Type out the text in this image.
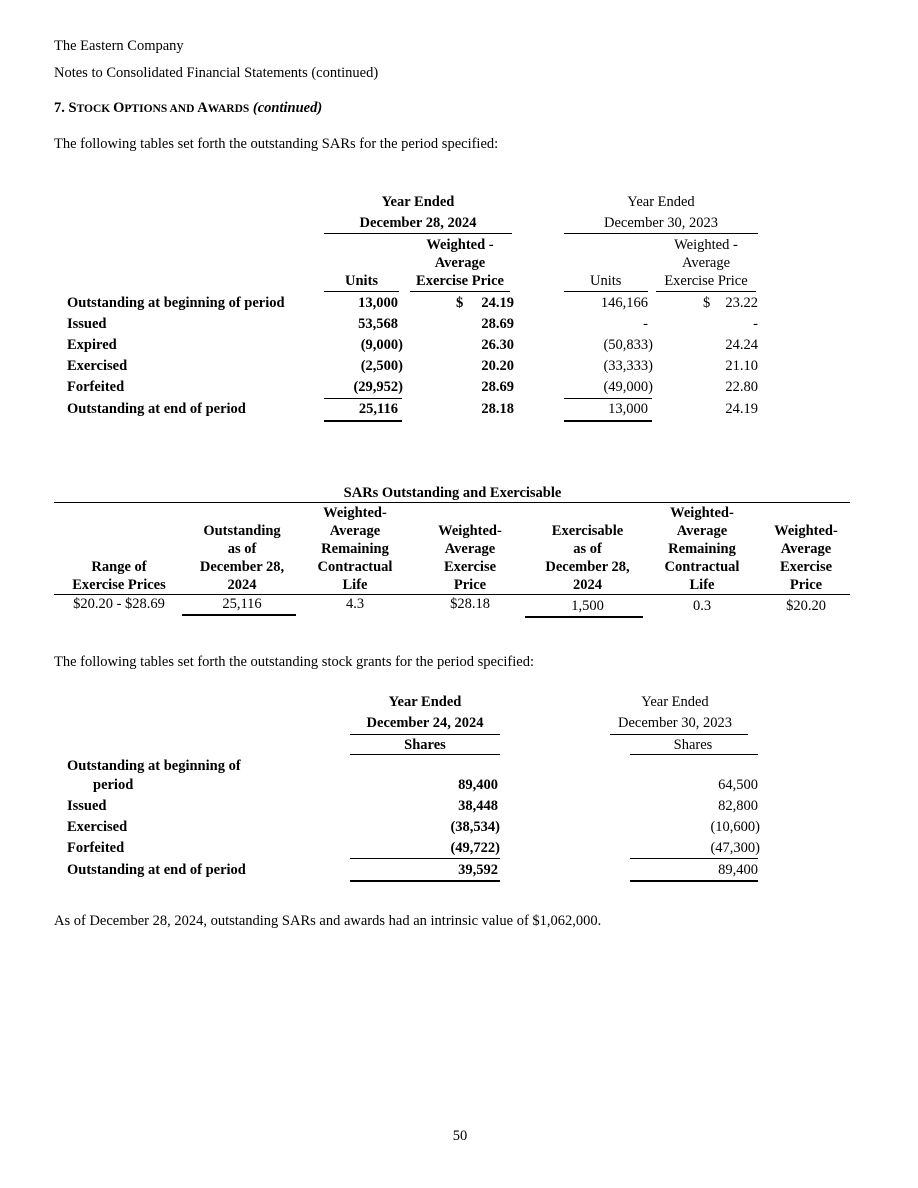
The Eastern Company
Notes to Consolidated Financial Statements (continued)
7. STOCK OPTIONS AND AWARDS (continued)
The following tables set forth the outstanding SARs for the period specified:
Year Ended
December 28, 2024
Year Ended
December 30, 2023
Weighted -
Average
Exercise Price
Units
Weighted -
Average
Exercise Price
Units
Outstanding at beginning of period	13,000	$	24.19	146,166	$	23.22
Issued	53,568	28.69	-	-
Expired	(9,000)	26.30	(50,833)	24.24
Exercised	(2,500)	20.20	(33,333)	21.10
Forfeited	(29,952)	28.69	(49,000)	22.80
Outstanding at end of period	25,116	28.18	13,000	24.19
SARs Outstanding and Exercisable
Range of
Exercise Prices
Outstanding
as of
December 28,
2024
Weighted-
Average
Remaining
Contractual
Life
Weighted-
Average
Exercise
Price
Exercisable
as of
December 28,
2024
Weighted-
Average
Remaining
Contractual
Life
Weighted-
Average
Exercise
Price
$20.20 - $28.69	25,116	4.3	$28.18	1,500	0.3	$20.20
The following tables set forth the outstanding stock grants for the period specified:
Year Ended
December 24, 2024
Shares
Year Ended
December 30, 2023
Shares
Outstanding at beginning of
period	89,400	64,500
Issued	38,448	82,800
Exercised	(38,534)	(10,600)
Forfeited	(49,722)	(47,300)
Outstanding at end of period	39,592	89,400
As of December 28, 2024, outstanding SARs and awards had an intrinsic value of $1,062,000.
50
